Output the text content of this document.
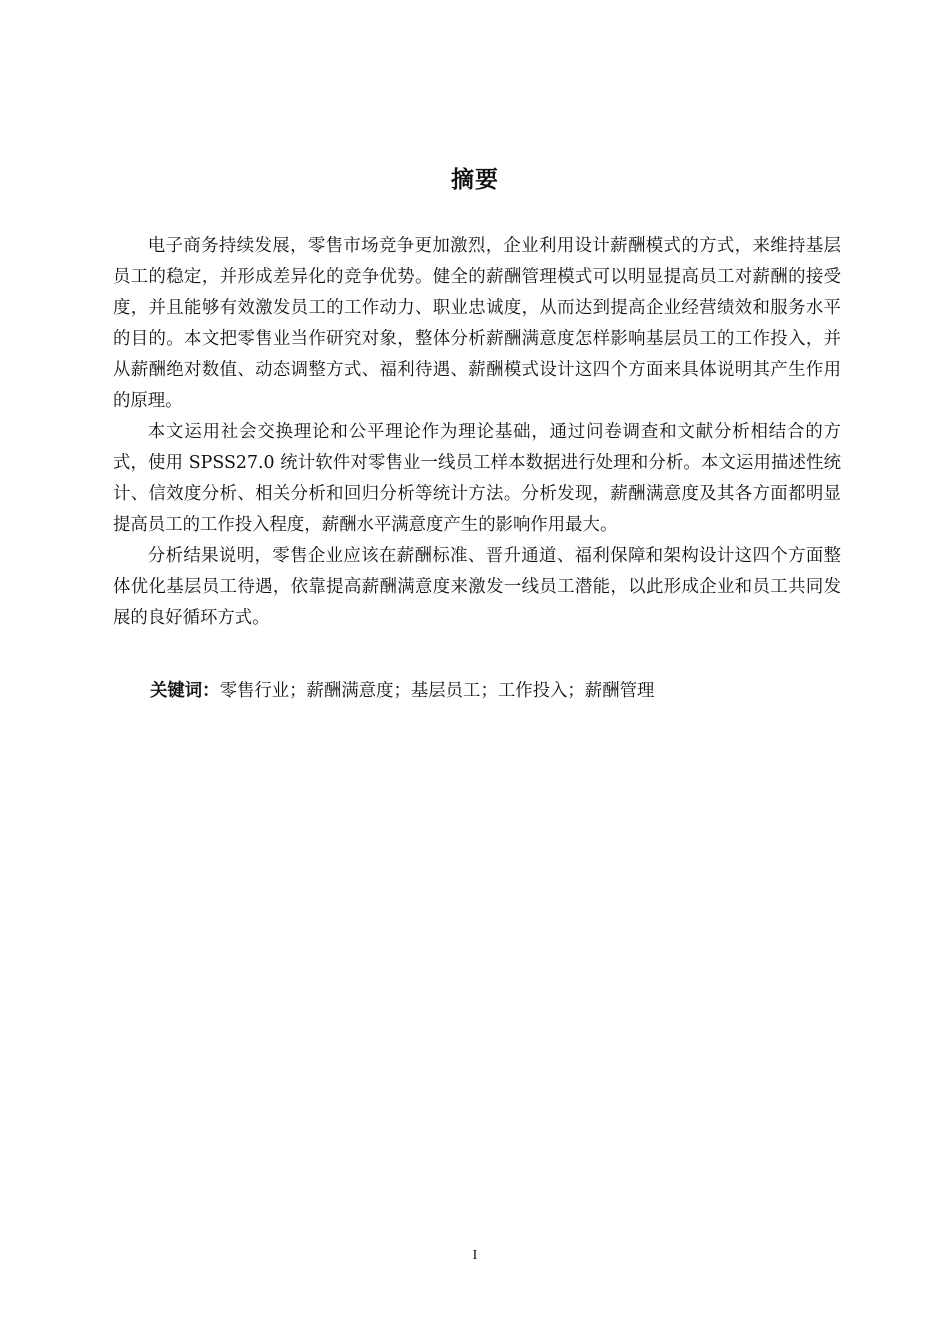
摘要

电子商务持续发展，零售市场竞争更加激烈，企业利用设计薪酬模式的方式，来维持基层员工的稳定，并形成差异化的竞争优势。健全的薪酬管理模式可以明显提高员工对薪酬的接受度，并且能够有效激发员工的工作动力、职业忠诚度，从而达到提高企业经营绩效和服务水平的目的。本文把零售业当作研究对象，整体分析薪酬满意度怎样影响基层员工的工作投入，并从薪酬绝对数值、动态调整方式、福利待遇、薪酬模式设计这四个方面来具体说明其产生作用的原理。

本文运用社会交换理论和公平理论作为理论基础，通过问卷调查和文献分析相结合的方式，使用 SPSS27.0 统计软件对零售业一线员工样本数据进行处理和分析。本文运用描述性统计、信效度分析、相关分析和回归分析等统计方法。分析发现，薪酬满意度及其各方面都明显提高员工的工作投入程度，薪酬水平满意度产生的影响作用最大。

分析结果说明，零售企业应该在薪酬标准、晋升通道、福利保障和架构设计这四个方面整体优化基层员工待遇，依靠提高薪酬满意度来激发一线员工潜能，以此形成企业和员工共同发展的良好循环方式。

关键词：零售行业；薪酬满意度；基层员工；工作投入；薪酬管理
I
